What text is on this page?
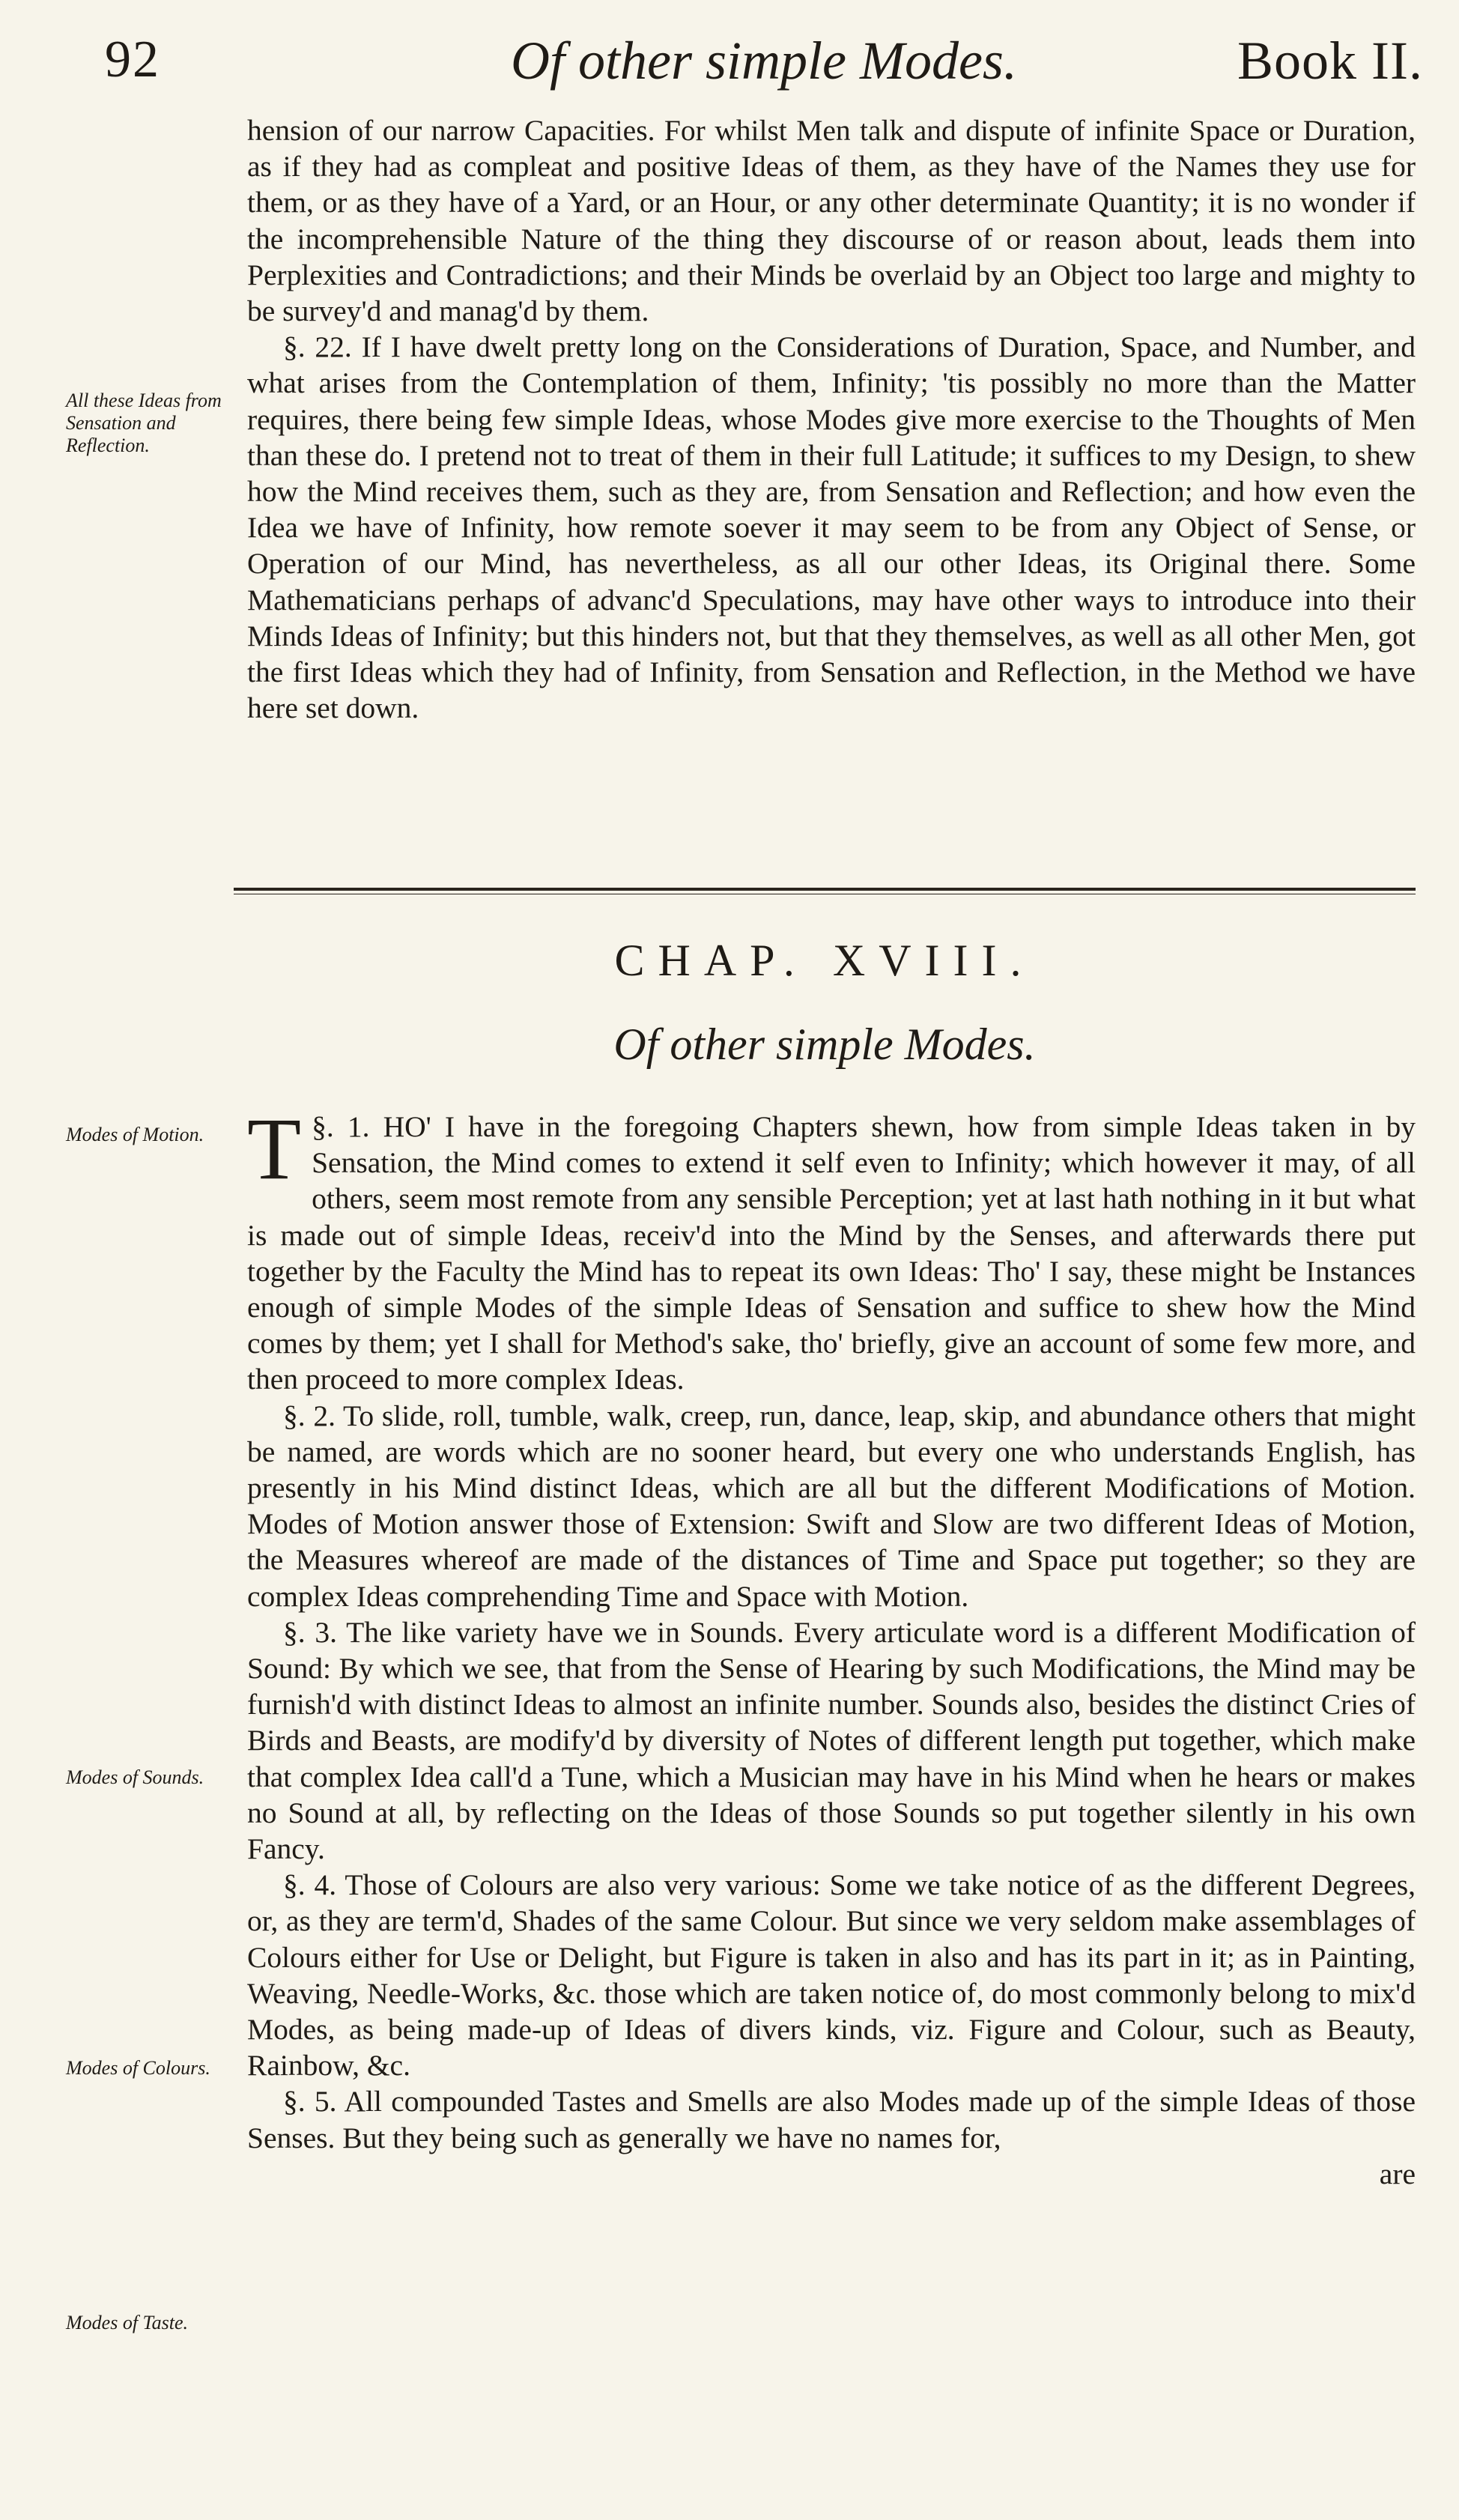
92	Of other simple Modes.	Book II.

hension of our narrow Capacities. For whilst Men talk and dispute of infinite Space or Duration, as if they had as compleat and positive Ideas of them, as they have of the Names they use for them, or as they have of a Yard, or an Hour, or any other determinate Quantity; it is no wonder if the incomprehensible Nature of the thing they discourse of or reason about, leads them into Perplexities and Contradictions; and their Minds be overlaid by an Object too large and mighty to be survey'd and manag'd by them.

§. 22. If I have dwelt pretty long on the Considerations of Duration, Space, and Number, and what arises from the Contemplation of them, Infinity; 'tis possibly no more than the Matter requires, there being few simple Ideas, whose Modes give more exercise to the Thoughts of Men than these do. I pretend not to treat of them in their full Latitude; it suffices to my Design, to shew how the Mind receives them, such as they are, from Sensation and Reflection; and how even the Idea we have of Infinity, how remote soever it may seem to be from any Object of Sense, or Operation of our Mind, has nevertheless, as all our other Ideas, its Original there. Some Mathematicians perhaps of advanc'd Speculations, may have other ways to introduce into their Minds Ideas of Infinity; but this hinders not, but that they themselves, as well as all other Men, got the first Ideas which they had of Infinity, from Sensation and Reflection, in the Method we have here set down.

All these Ideas from Sensation and Reflection.
CHAP. XVIII.
Of other simple Modes.

§. 1.
T	HO' I have in the foregoing Chapters shewn, how from simple Ideas taken in by Sensation, the Mind comes to extend it self even to Infinity; which however it may, of all others, seem most remote from any sensible Perception; yet at last hath nothing in it but what is made out of simple Ideas, receiv'd into the Mind by the Senses, and afterwards there put together by the Faculty the Mind has to repeat its own Ideas: Tho' I say, these might be Instances enough of simple Modes of the simple Ideas of Sensation and suffice to shew how the Mind comes by them; yet I shall for Method's sake, tho' briefly, give an account of some few more, and then proceed to more complex Ideas.

§. 2. To slide, roll, tumble, walk, creep, run, dance, leap, skip, and abundance others that might be named, are words which are no sooner heard, but every one who understands English, has presently in his Mind distinct Ideas, which are all but the different Modifications of Motion. Modes of Motion answer those of Extension: Swift and Slow are two different Ideas of Motion, the Measures whereof are made of the distances of Time and Space put together; so they are complex Ideas comprehending Time and Space with Motion.

§. 3. The like variety have we in Sounds. Every articulate word is a different Modification of Sound: By which we see, that from the Sense of Hearing by such Modifications, the Mind may be furnish'd with distinct Ideas to almost an infinite number. Sounds also, besides the distinct Cries of Birds and Beasts, are modify'd by diversity of Notes of different length put together, which make that complex Idea call'd a Tune, which a Musician may have in his Mind when he hears or makes no Sound at all, by reflecting on the Ideas of those Sounds so put together silently in his own Fancy.

§. 4. Those of Colours are also very various: Some we take notice of as the different Degrees, or, as they are term'd, Shades of the same Colour. But since we very seldom make assemblages of Colours either for Use or Delight, but Figure is taken in also and has its part in it; as in Painting, Weaving, Needle-Works, &c. those which are taken notice of, do most commonly belong to mix'd Modes, as being made-up of Ideas of divers kinds, viz. Figure and Colour, such as Beauty, Rainbow, &c.

§. 5. All compounded Tastes and Smells are also Modes made up of the simple Ideas of those Senses. But they being such as generally we have no names for,

are

Modes of Motion.
Modes of Sounds.
Modes of Colours.
Modes of Taste.
